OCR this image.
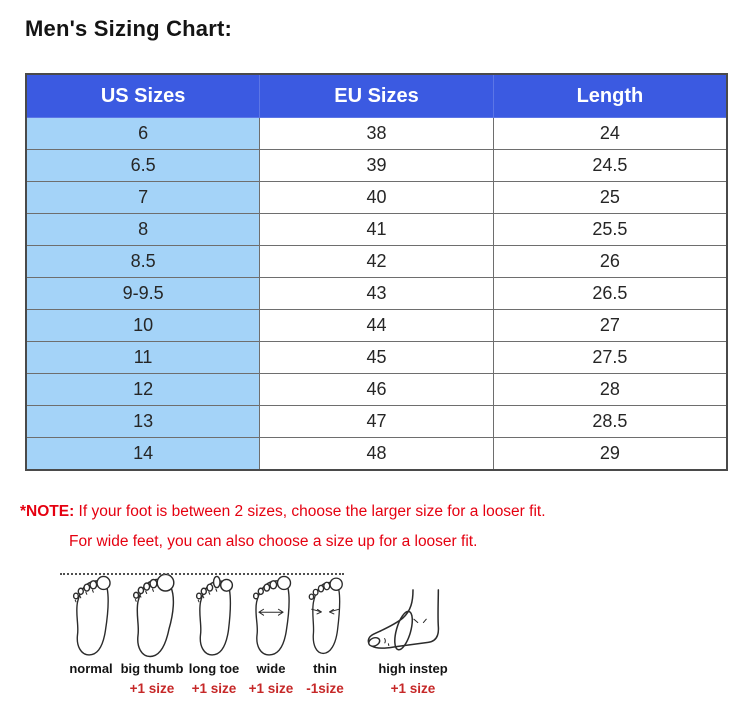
Men's Sizing Chart:
US Sizes	EU Sizes	Length
6	38	24
6.5	39	24.5
7	40	25
8	41	25.5
8.5	42	26
9-9.5	43	26.5
10	44	27
11	45	27.5
12	46	28
13	47	28.5
14	48	29
*NOTE: If your foot is between 2 sizes, choose the larger size for a looser fit.
For wide feet, you can also choose a size up for a looser fit.
normal big thumb
+1 size
long toe
+1 size
wide
+1 size
thin
-1size
high instep
+1 size
